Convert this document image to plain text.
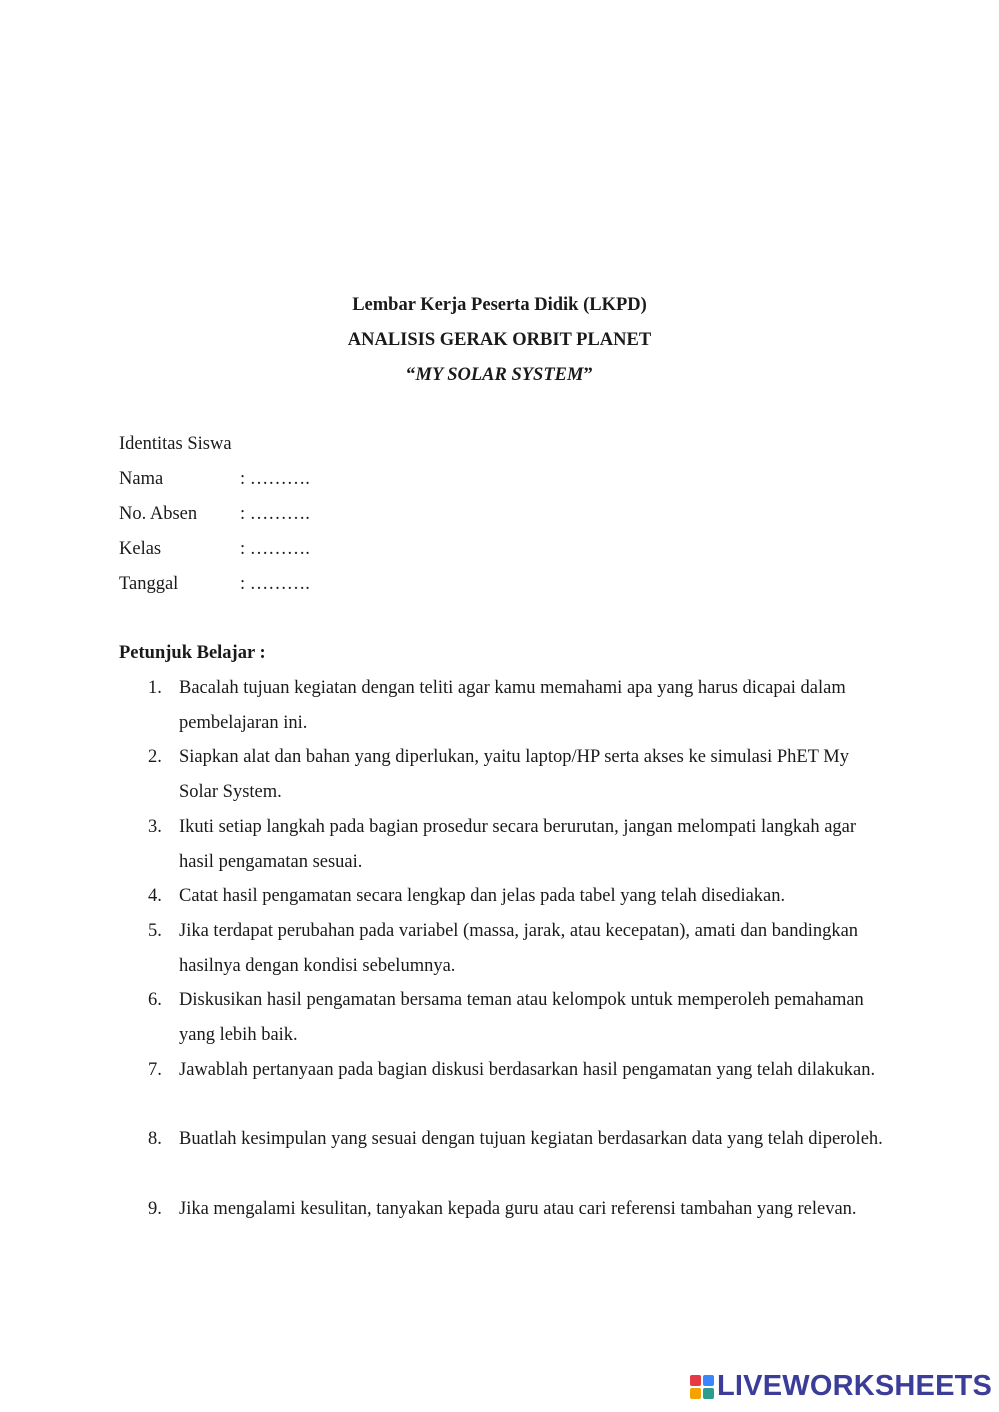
Lembar Kerja Peserta Didik (LKPD)
ANALISIS GERAK ORBIT PLANET
“MY SOLAR SYSTEM”
Identitas Siswa
Nama	: ……….
No. Absen : ……….
Kelas	: ……….
Tanggal	: ……….
Petunjuk Belajar :
1. Bacalah tujuan kegiatan dengan teliti agar kamu memahami apa yang harus dicapai dalam pembelajaran ini.
2. Siapkan alat dan bahan yang diperlukan, yaitu laptop/HP serta akses ke simulasi PhET My Solar System.
3. Ikuti setiap langkah pada bagian prosedur secara berurutan, jangan melompati langkah agar hasil pengamatan sesuai.
4. Catat hasil pengamatan secara lengkap dan jelas pada tabel yang telah disediakan.
5. Jika terdapat perubahan pada variabel (massa, jarak, atau kecepatan), amati dan bandingkan hasilnya dengan kondisi sebelumnya.
6. Diskusikan hasil pengamatan bersama teman atau kelompok untuk memperoleh pemahaman yang lebih baik.
7. Jawablah pertanyaan pada bagian diskusi berdasarkan hasil pengamatan yang telah dilakukan.
8. Buatlah kesimpulan yang sesuai dengan tujuan kegiatan berdasarkan data yang telah diperoleh.
9. Jika mengalami kesulitan, tanyakan kepada guru atau cari referensi tambahan yang relevan.
LIVEWORKSHEETS
